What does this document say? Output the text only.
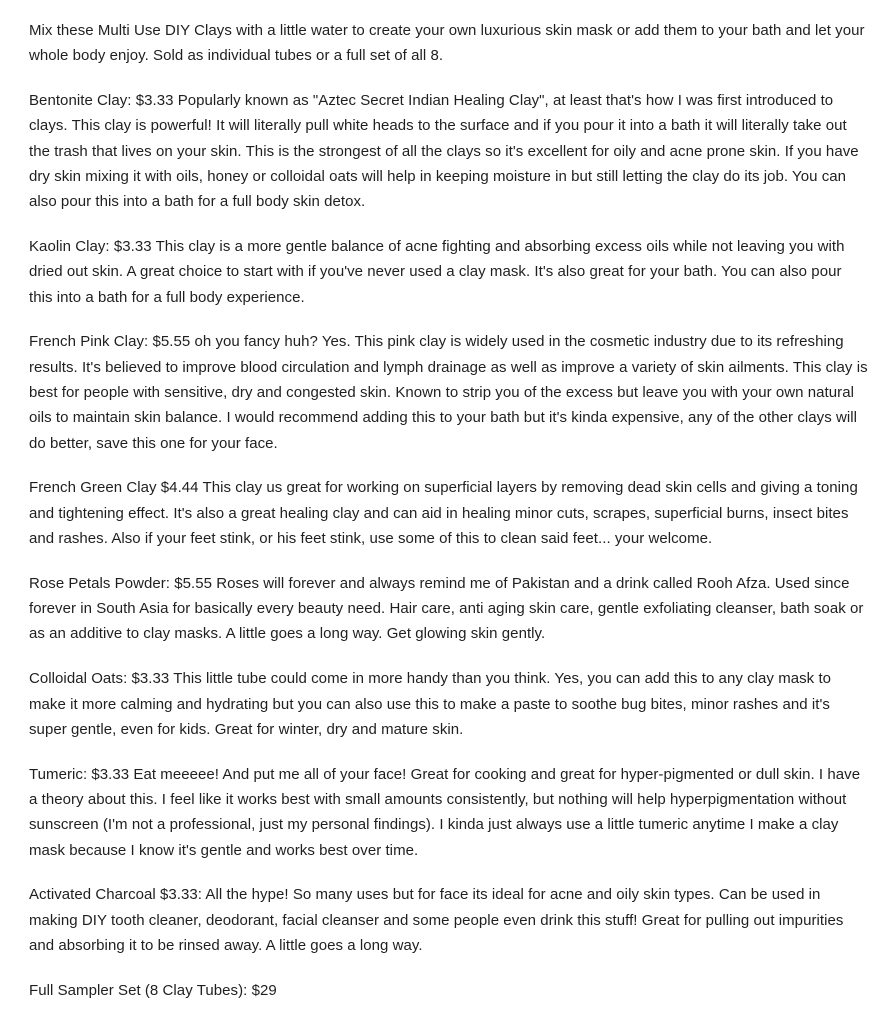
Mix these Multi Use DIY Clays with a little water to create your own luxurious skin mask or add them to your bath and let your whole body enjoy. Sold as individual tubes or a full set of all 8.

Bentonite Clay: $3.33 Popularly known as "Aztec Secret Indian Healing Clay", at least that's how I was first introduced to clays. This clay is powerful! It will literally pull white heads to the surface and if you pour it into a bath it will literally take out the trash that lives on your skin. This is the strongest of all the clays so it's excellent for oily and acne prone skin. If you have dry skin mixing it with oils, honey or colloidal oats will help in keeping moisture in but still letting the clay do its job. You can also pour this into a bath for a full body skin detox.

Kaolin Clay: $3.33 This clay is a more gentle balance of acne fighting and absorbing excess oils while not leaving you with dried out skin. A great choice to start with if you've never used a clay mask. It's also great for your bath. You can also pour this into a bath for a full body experience.

French Pink Clay: $5.55 oh you fancy huh? Yes. This pink clay is widely used in the cosmetic industry due to its refreshing results. It's believed to improve blood circulation and lymph drainage as well as improve a variety of skin ailments. This clay is best for people with sensitive, dry and congested skin. Known to strip you of the excess but leave you with your own natural oils to maintain skin balance. I would recommend adding this to your bath but it's kinda expensive, any of the other clays will do better, save this one for your face.

French Green Clay $4.44 This clay us great for working on superficial layers by removing dead skin cells and giving a toning and tightening effect. It's also a great healing clay and can aid in healing minor cuts, scrapes, superficial burns, insect bites and rashes. Also if your feet stink, or his feet stink, use some of this to clean said feet... your welcome.

Rose Petals Powder: $5.55 Roses will forever and always remind me of Pakistan and a drink called Rooh Afza. Used since forever in South Asia for basically every beauty need. Hair care, anti aging skin care, gentle exfoliating cleanser, bath soak or as an additive to clay masks. A little goes a long way. Get glowing skin gently.

Colloidal Oats: $3.33 This little tube could come in more handy than you think. Yes, you can add this to any clay mask to make it more calming and hydrating but you can also use this to make a paste to soothe bug bites, minor rashes and it's super gentle, even for kids. Great for winter, dry and mature skin.

Tumeric: $3.33 Eat meeeee! And put me all of your face! Great for cooking and great for hyper-pigmented or dull skin. I have a theory about this. I feel like it works best with small amounts consistently, but nothing will help hyperpigmentation without sunscreen (I'm not a professional, just my personal findings). I kinda just always use a little tumeric anytime I make a clay mask because I know it's gentle and works best over time.

Activated Charcoal $3.33: All the hype! So many uses but for face its ideal for acne and oily skin types. Can be used in making DIY tooth cleaner, deodorant, facial cleanser and some people even drink this stuff! Great for pulling out impurities and absorbing it to be rinsed away. A little goes a long way.

Full Sampler Set (8 Clay Tubes): $29
